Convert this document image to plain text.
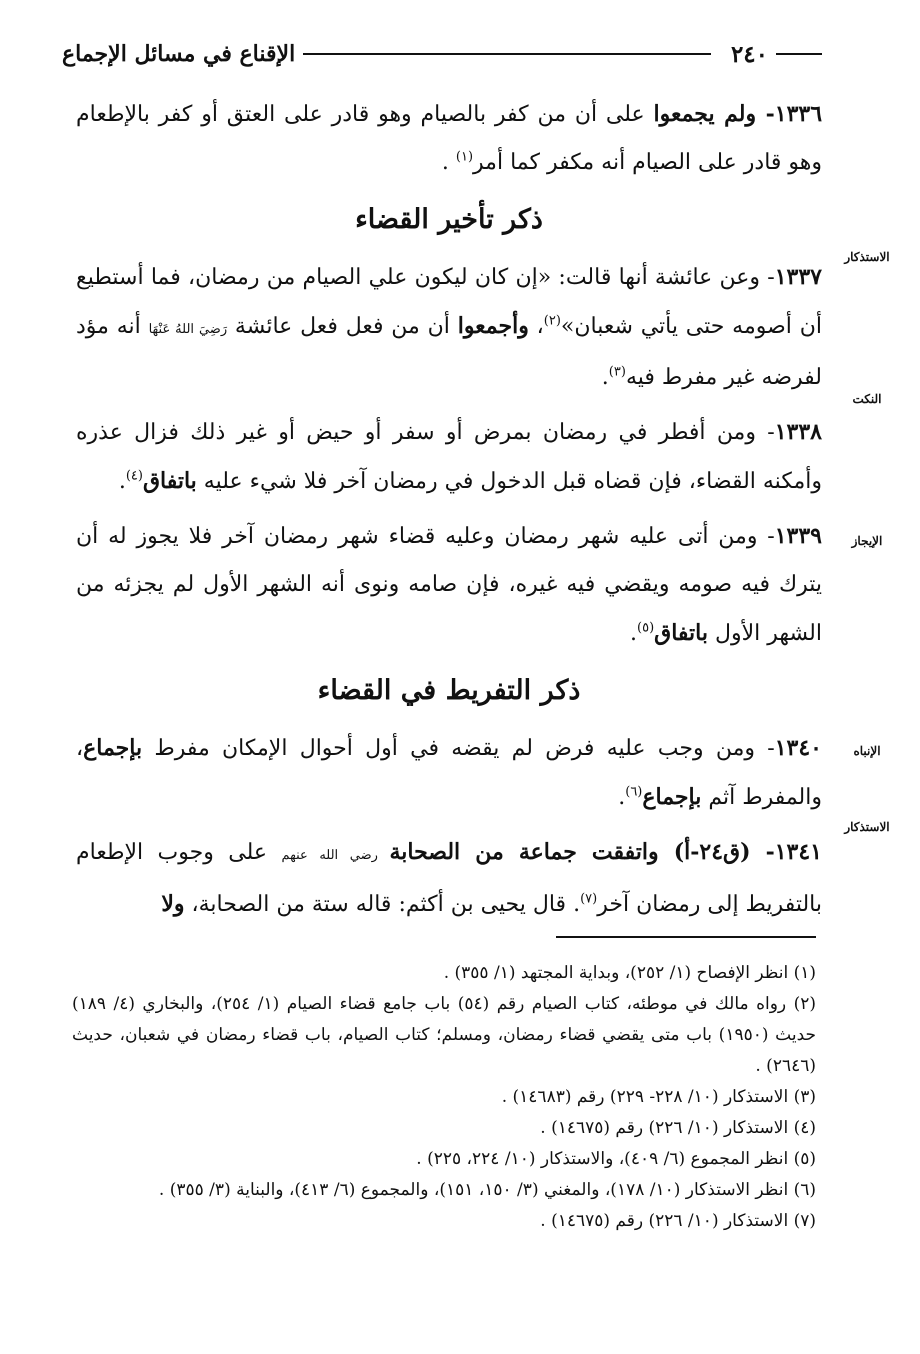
٢٤٠
الإقناع في مسائل الإجماع
الاستذكار
النكت
الإيجاز
الإنباه
الاستذكار

١٣٣٦- ولم يجمعوا على أن من كفر بالصيام وهو قادر على العتق أو كفر بالإطعام وهو قادر على الصيام أنه مكفر كما أمر$^{(١)}$ .

ذكر تأخير القضاء

١٣٣٧- وعن عائشة أنها قالت: «إن كان ليكون علي الصيام من رمضان، فما أستطيع أن أصومه حتى يأتي شعبان»$^{(٢)}$، وأجمعوا أن من فعل فعل عائشة رَضِيَ اللهُ عَنْهَا أنه مؤد لفرضه غير مفرط فيه$^{(٣)}$.

١٣٣٨- ومن أفطر في رمضان بمرض أو سفر أو حيض أو غير ذلك فزال عذره وأمكنه القضاء، فإن قضاه قبل الدخول في رمضان آخر فلا شيء عليه باتفاق$^{(٤)}$.

١٣٣٩- ومن أتى عليه شهر رمضان وعليه قضاء شهر رمضان آخر فلا يجوز له أن يترك فيه صومه ويقضي فيه غيره، فإن صامه ونوى أنه الشهر الأول لم يجزئه من الشهر الأول باتفاق$^{(٥)}$.

ذكر التفريط في القضاء

١٣٤٠- ومن وجب عليه فرض لم يقضه في أول أحوال الإمكان مفرط بإجماع، والمفرط آثم بإجماع$^{(٦)}$.

١٣٤١- (ق٢٤-أ) واتفقت جماعة من الصحابة رضي الله عنهم على وجوب الإطعام بالتفريط إلى رمضان آخر$^{(٧)}$. قال يحيى بن أكثم: قاله ستة من الصحابة، ولا

(١) انظر الإفصاح (١/ ٢٥٢)، وبداية المجتهد (١/ ٣٥٥) .

(٢) رواه مالك في موطئه، كتاب الصيام رقم (٥٤) باب جامع قضاء الصيام (١/ ٢٥٤)، والبخاري (٤/ ١٨٩) حديث (١٩٥٠) باب متى يقضي قضاء رمضان، ومسلم؛ كتاب الصيام، باب قضاء رمضان في شعبان، حديث (٢٦٤٦) .

(٣) الاستذكار (١٠/ ٢٢٨- ٢٢٩) رقم (١٤٦٨٣) .

(٤) الاستذكار (١٠/ ٢٢٦) رقم (١٤٦٧٥) .

(٥) انظر المجموع (٦/ ٤٠٩)، والاستذكار (١٠/ ٢٢٤، ٢٢٥) .

(٦) انظر الاستذكار (١٠/ ١٧٨)، والمغني (٣/ ١٥٠، ١٥١)، والمجموع (٦/ ٤١٣)، والبناية (٣/ ٣٥٥) .

(٧) الاستذكار (١٠/ ٢٢٦) رقم (١٤٦٧٥) .
